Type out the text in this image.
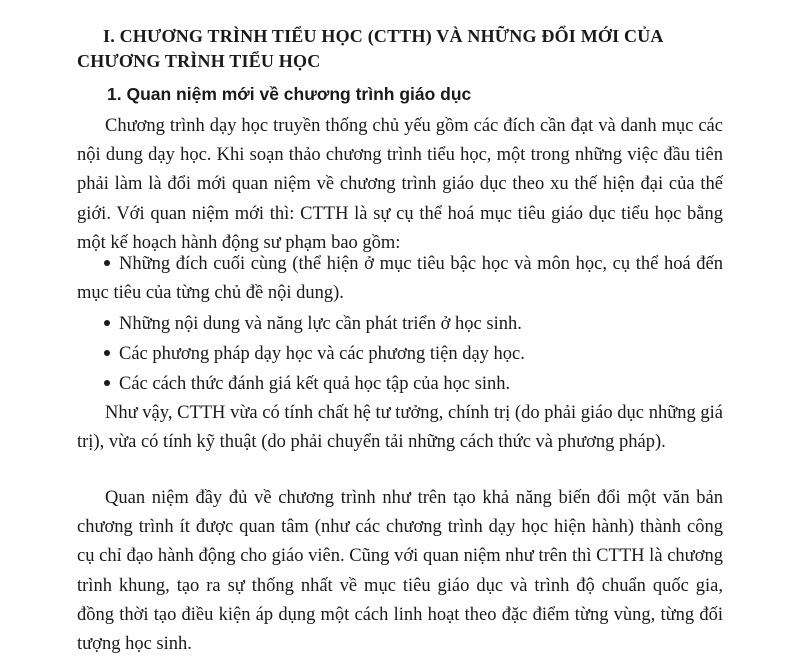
I. CHƯƠNG TRÌNH TIỂU HỌC (CTTH) VÀ NHỮNG ĐỔI MỚI CỦA CHƯƠNG TRÌNH TIỂU HỌC
1. Quan niệm mới về chương trình giáo dục

Chương trình dạy học truyền thống chủ yếu gồm các đích cần đạt và danh mục các nội dung dạy học. Khi soạn thảo chương trình tiểu học, một trong những việc đầu tiên phải làm là đổi mới quan niệm về chương trình giáo dục theo xu thế hiện đại của thế giới. Với quan niệm mới thì: CTTH là sự cụ thể hoá mục tiêu giáo dục tiểu học bằng một kế hoạch hành động sư phạm bao gồm:

Những đích cuối cùng (thể hiện ở mục tiêu bậc học và môn học, cụ thể hoá đến mục tiêu của từng chủ đề nội dung).

Những nội dung và năng lực cần phát triển ở học sinh.

Các phương pháp dạy học và các phương tiện dạy học.

Các cách thức đánh giá kết quả học tập của học sinh.

Như vậy, CTTH vừa có tính chất hệ tư tưởng, chính trị (do phải giáo dục những giá trị), vừa có tính kỹ thuật (do phải chuyển tải những cách thức và phương pháp).

Quan niệm đầy đủ về chương trình như trên tạo khả năng biến đổi một văn bản chương trình ít được quan tâm (như các chương trình dạy học hiện hành) thành công cụ chỉ đạo hành động cho giáo viên. Cũng với quan niệm như trên thì CTTH là chương trình khung, tạo ra sự thống nhất về mục tiêu giáo dục và trình độ chuẩn quốc gia, đồng thời tạo điều kiện áp dụng một cách linh hoạt theo đặc điểm từng vùng, từng đối tượng học sinh.
